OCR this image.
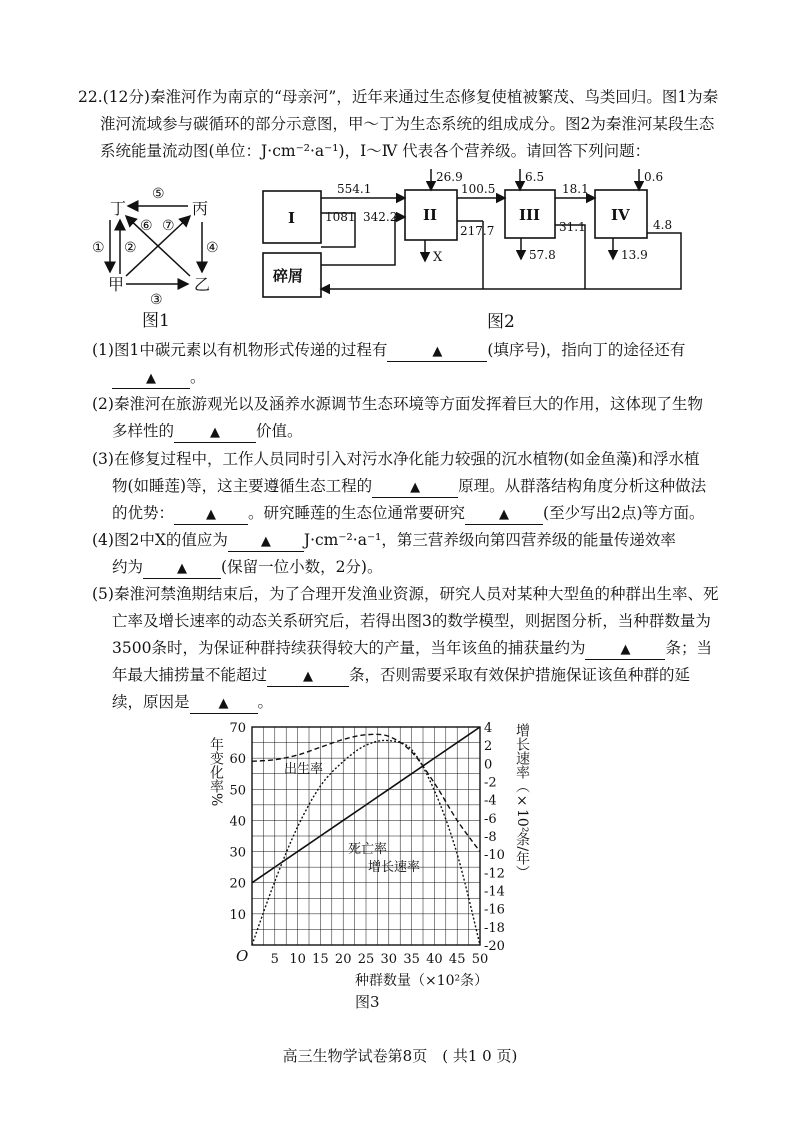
22.(12分)秦淮河作为南京的“母亲河”，近年来通过生态修复使植被繁茂、鸟类回归。图1为秦
淮河流域参与碳循环的部分示意图，甲～丁为生态系统的组成成分。图2为秦淮河某段生态
系统能量流动图(单位：J·cm⁻²·a⁻¹)，Ⅰ～Ⅳ 代表各个营养级。请回答下列问题：
丁	丙
甲	乙
⑤
① ②	④
③
⑥ ⑦
图1
I	II	III	IV
碎屑
554.1
1081 342.2
26.9
X
100.5
217.7
6.5
18.1
57.8
31.1
0.6
13.9
4.8
图2
(1)图1中碳元素以有机物形式传递的过程有	▲	(填序号)，指向丁的途径还有
▲ 。
(2)秦淮河在旅游观光以及涵养水源调节生态环境等方面发挥着巨大的作用，这体现了生物
多样性的	▲ 价值。
(3)在修复过程中，工作人员同时引入对污水净化能力较强的沉水植物(如金鱼藻)和浮水植
物(如睡莲)等，这主要遵循生态工程的	▲ 原理。从群落结构角度分析这种做法
的优势： ▲ 。研究睡莲的生态位通常要研究	▲ (至少写出2点)等方面。
(4)图2中X的值应为	▲ J·cm⁻²·a⁻¹，第三营养级向第四营养级的能量传递效率
约为	▲ (保留一位小数，2分)。
(5)秦淮河禁渔期结束后，为了合理开发渔业资源，研究人员对某种大型鱼的种群出生率、死
亡率及增长速率的动态关系研究后，若得出图3的数学模型，则据图分析，当种群数量为
3500条时，为保证种群持续获得较大的产量，当年该鱼的捕获量约为	▲ 条；当
年最大捕捞量不能超过	▲ 条，否则需要采取有效保护措施保证该鱼种群的延
续，原因是 ▲ 。
10
20
30
40
50
60
70	4
2
0
-2
-4
-6
-8
-10
-12
-14
-16
-18
-20
5 10 15 20 25 30 35 40 45 50
O
种群数量（×10²条）
图3
年变化率%	增长速率（×10²条/年）
出生率
死亡率
增长速率
高三生物学试卷第8页　( 共1 0 页)
